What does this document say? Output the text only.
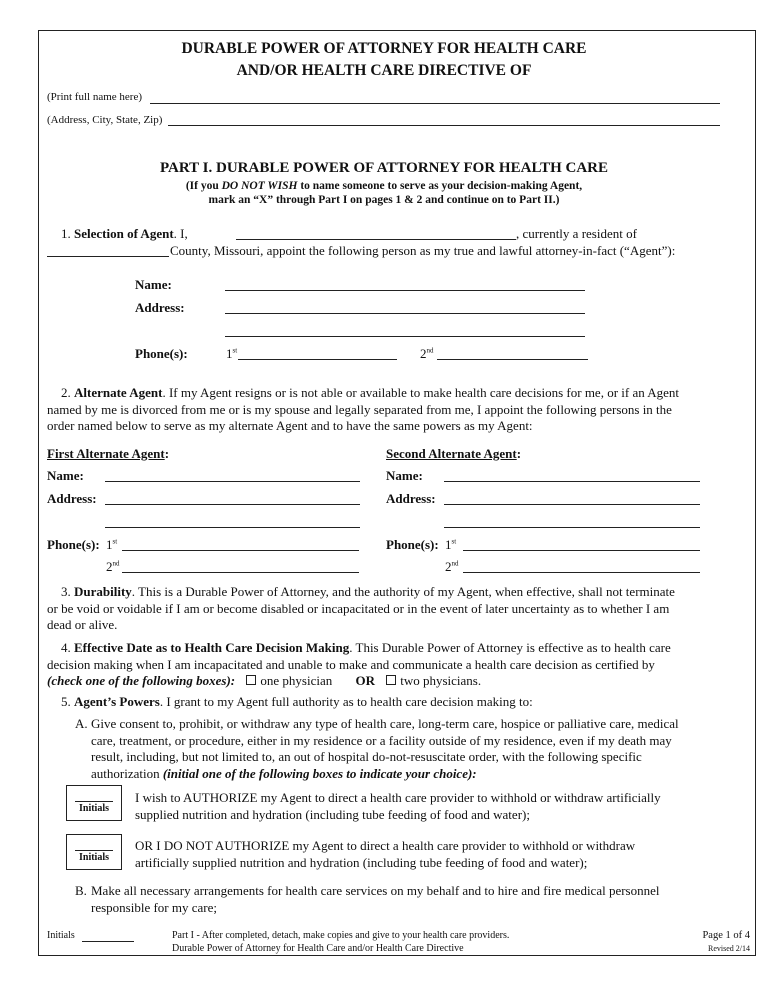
DURABLE POWER OF ATTORNEY FOR HEALTH CARE
AND/OR HEALTH CARE DIRECTIVE OF
(Print full name here)
(Address, City, State, Zip)
PART I. DURABLE POWER OF ATTORNEY FOR HEALTH CARE
(If you DO NOT WISH to name someone to serve as your decision-making Agent,
mark an “X” through Part I on pages 1 & 2 and continue on to Part II.)
1. Selection of Agent. I,	, currently a resident of
County, Missouri, appoint the following person as my true and lawful attorney-in-fact (“Agent”):
Name:
Address:
Phone(s):	1st	2nd
2. Alternate Agent. If my Agent resigns or is not able or available to make health care decisions for me, or if an Agent
named by me is divorced from me or is my spouse and legally separated from me, I appoint the following persons in the
order named below to serve as my alternate Agent and to have the same powers as my Agent:
First Alternate Agent:	Second Alternate Agent:
Name:	Name:
Address:	Address:
Phone(s): 1st	Phone(s): 1st
2nd	2nd
3. Durability. This is a Durable Power of Attorney, and the authority of my Agent, when effective, shall not terminate
or be void or voidable if I am or become disabled or incapacitated or in the event of later uncertainty as to whether I am
dead or alive.
4. Effective Date as to Health Care Decision Making. This Durable Power of Attorney is effective as to health care
decision making when I am incapacitated and unable to make and communicate a health care decision as certified by
(check one of the following boxes): one physician OR two physicians.
5. Agent’s Powers. I grant to my Agent full authority as to health care decision making to:
A. Give consent to, prohibit, or withdraw any type of health care, long-term care, hospice or palliative care, medical
care, treatment, or procedure, either in my residence or a facility outside of my residence, even if my death may
result, including, but not limited to, an out of hospital do-not-resuscitate order, with the following specific
authorization (initial one of the following boxes to indicate your choice):
Initials
I wish to AUTHORIZE my Agent to direct a health care provider to withhold or withdraw artificially
supplied nutrition and hydration (including tube feeding of food and water);
Initials
OR I DO NOT AUTHORIZE my Agent to direct a health care provider to withhold or withdraw
artificially supplied nutrition and hydration (including tube feeding of food and water);
B. Make all necessary arrangements for health care services on my behalf and to hire and fire medical personnel
responsible for my care;
Initials	Part I - After completed, detach, make copies and give to your health care providers.
Durable Power of Attorney for Health Care and/or Health Care Directive
Page 1 of 4
Revised 2/14
